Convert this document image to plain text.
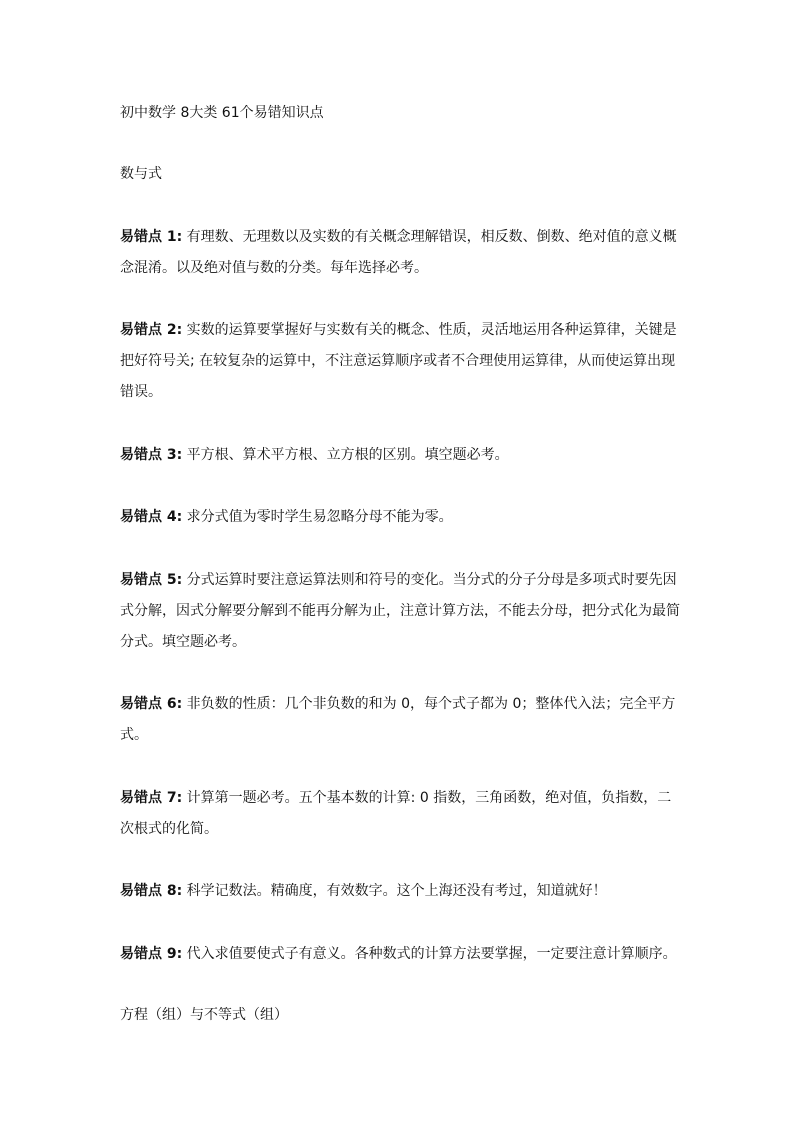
初中数学 8大类 61个易错知识点

数与式

易错点 1: 有理数、无理数以及实数的有关概念理解错误，相反数、倒数、绝对值的意义概念混淆。以及绝对值与数的分类。每年选择必考。

易错点 2: 实数的运算要掌握好与实数有关的概念、性质，灵活地运用各种运算律，关键是把好符号关; 在较复杂的运算中，不注意运算顺序或者不合理使用运算律，从而使运算出现错误。

易错点 3: 平方根、算术平方根、立方根的区别。填空题必考。

易错点 4: 求分式值为零时学生易忽略分母不能为零。

易错点 5: 分式运算时要注意运算法则和符号的变化。当分式的分子分母是多项式时要先因式分解，因式分解要分解到不能再分解为止，注意计算方法，不能去分母，把分式化为最简分式。填空题必考。

易错点 6: 非负数的性质：几个非负数的和为 0，每个式子都为 0；整体代入法；完全平方式。

易错点 7: 计算第一题必考。五个基本数的计算: 0 指数，三角函数，绝对值，负指数，二次根式的化简。

易错点 8: 科学记数法。精确度，有效数字。这个上海还没有考过，知道就好！

易错点 9: 代入求值要使式子有意义。各种数式的计算方法要掌握，一定要注意计算顺序。

方程（组）与不等式（组）
